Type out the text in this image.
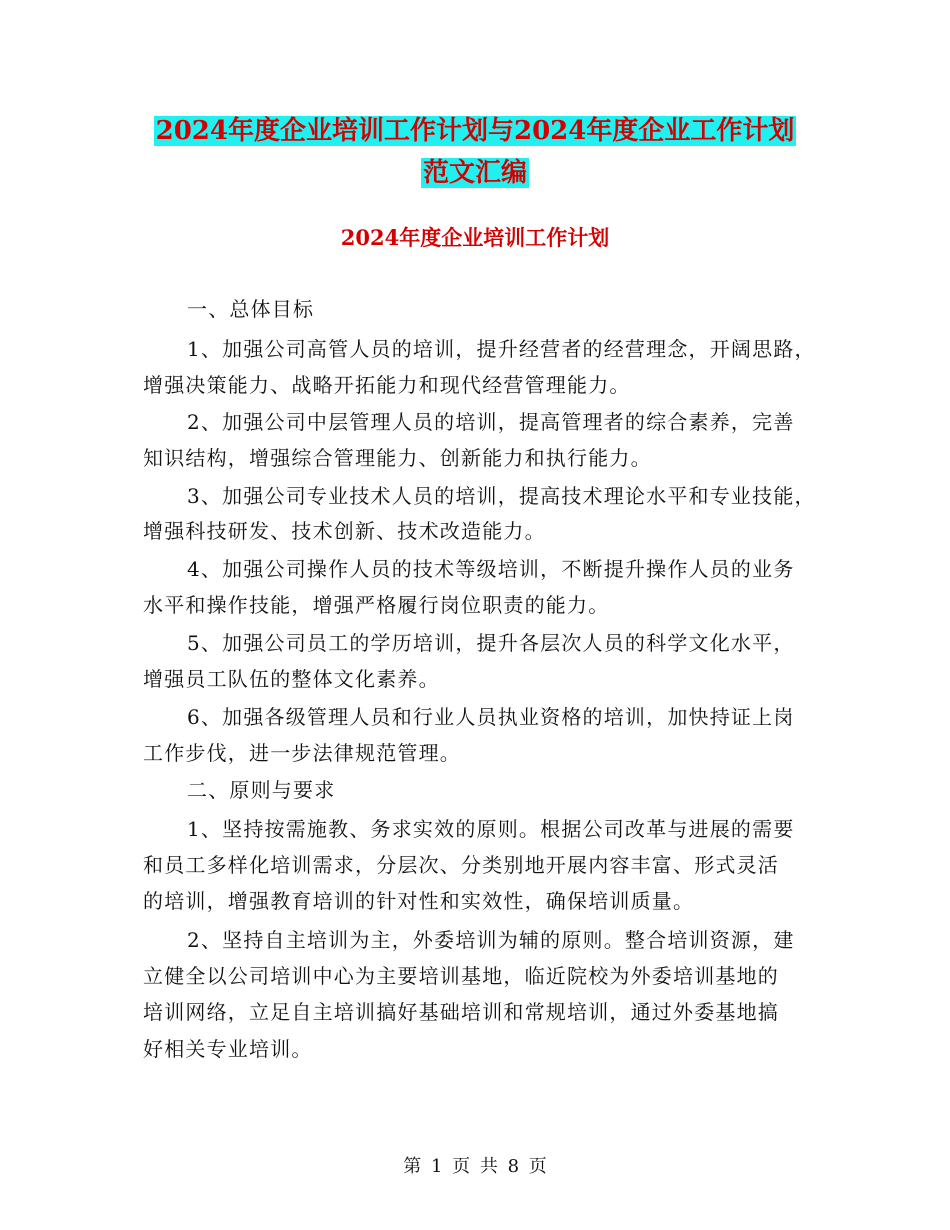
2024年度企业培训工作计划与2024年度企业工作计划
范文汇编
2024年度企业培训工作计划
一、总体目标
1、加强公司高管人员的培训，提升经营者的经营理念，开阔思路，
增强决策能力、战略开拓能力和现代经营管理能力。
2、加强公司中层管理人员的培训，提高管理者的综合素养，完善
知识结构，增强综合管理能力、创新能力和执行能力。
3、加强公司专业技术人员的培训，提高技术理论水平和专业技能，
增强科技研发、技术创新、技术改造能力。
4、加强公司操作人员的技术等级培训，不断提升操作人员的业务
水平和操作技能，增强严格履行岗位职责的能力。
5、加强公司员工的学历培训，提升各层次人员的科学文化水平，
增强员工队伍的整体文化素养。
6、加强各级管理人员和行业人员执业资格的培训，加快持证上岗
工作步伐，进一步法律规范管理。
二、原则与要求
1、坚持按需施教、务求实效的原则。根据公司改革与进展的需要
和员工多样化培训需求，分层次、分类别地开展内容丰富、形式灵活
的培训，增强教育培训的针对性和实效性，确保培训质量。
2、坚持自主培训为主，外委培训为辅的原则。整合培训资源，建
立健全以公司培训中心为主要培训基地，临近院校为外委培训基地的
培训网络，立足自主培训搞好基础培训和常规培训，通过外委基地搞
好相关专业培训。
第 1 页 共 8 页
